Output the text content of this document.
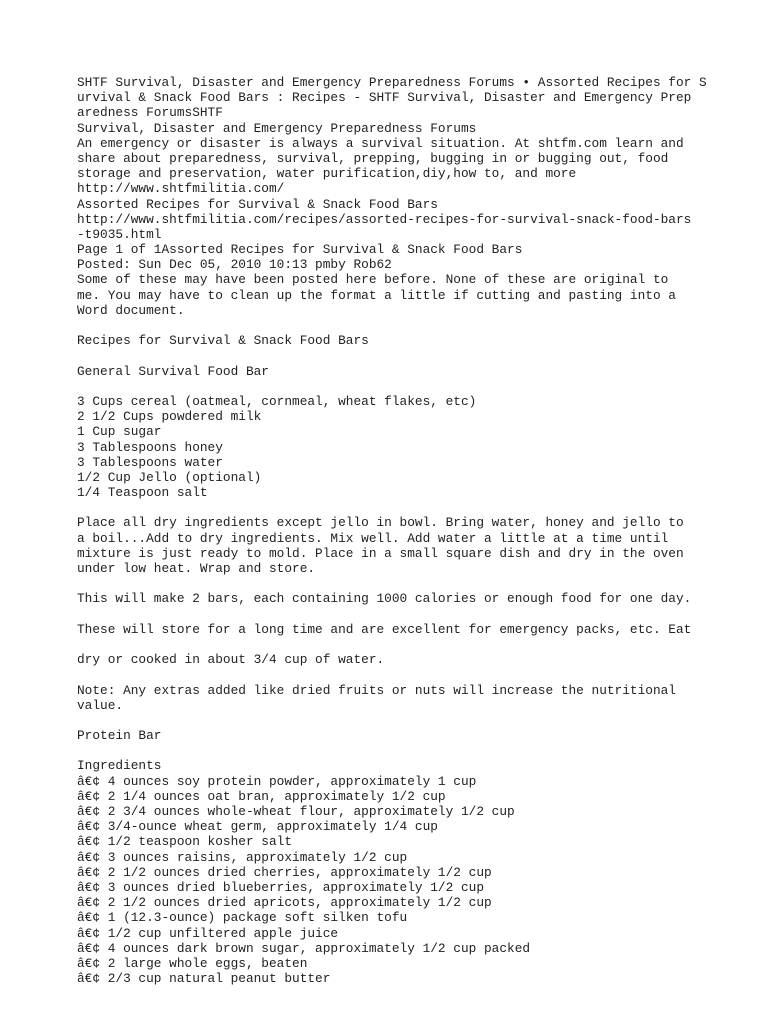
SHTF Survival, Disaster and Emergency Preparedness Forums • Assorted Recipes for S
urvival & Snack Food Bars : Recipes - SHTF Survival, Disaster and Emergency Prep
aredness ForumsSHTF
Survival, Disaster and Emergency Preparedness Forums
An emergency or disaster is always a survival situation. At shtfm.com learn and
share about preparedness, survival, prepping, bugging in or bugging out, food
storage and preservation, water purification,diy,how to, and more
http://www.shtfmilitia.com/
Assorted Recipes for Survival & Snack Food Bars
http://www.shtfmilitia.com/recipes/assorted-recipes-for-survival-snack-food-bars
-t9035.html
Page 1 of 1Assorted Recipes for Survival & Snack Food Bars
Posted: Sun Dec 05, 2010 10:13 pmby Rob62
Some of these may have been posted here before. None of these are original to
me. You may have to clean up the format a little if cutting and pasting into a
Word document.
Recipes for Survival & Snack Food Bars
General Survival Food Bar
3 Cups cereal (oatmeal, cornmeal, wheat flakes, etc)
2 1/2 Cups powdered milk
1 Cup sugar
3 Tablespoons honey
3 Tablespoons water
1/2 Cup Jello (optional)
1/4 Teaspoon salt
Place all dry ingredients except jello in bowl. Bring water, honey and jello to
a boil...Add to dry ingredients. Mix well. Add water a little at a time until
mixture is just ready to mold. Place in a small square dish and dry in the oven
under low heat. Wrap and store.
This will make 2 bars, each containing 1000 calories or enough food for one day.
These will store for a long time and are excellent for emergency packs, etc. Eat
dry or cooked in about 3/4 cup of water.
Note: Any extras added like dried fruits or nuts will increase the nutritional
value.
Protein Bar
Ingredients
â€¢ 4 ounces soy protein powder, approximately 1 cup
â€¢ 2 1/4 ounces oat bran, approximately 1/2 cup
â€¢ 2 3/4 ounces whole-wheat flour, approximately 1/2 cup
â€¢ 3/4-ounce wheat germ, approximately 1/4 cup
â€¢ 1/2 teaspoon kosher salt
â€¢ 3 ounces raisins, approximately 1/2 cup
â€¢ 2 1/2 ounces dried cherries, approximately 1/2 cup
â€¢ 3 ounces dried blueberries, approximately 1/2 cup
â€¢ 2 1/2 ounces dried apricots, approximately 1/2 cup
â€¢ 1 (12.3-ounce) package soft silken tofu
â€¢ 1/2 cup unfiltered apple juice
â€¢ 4 ounces dark brown sugar, approximately 1/2 cup packed
â€¢ 2 large whole eggs, beaten
â€¢ 2/3 cup natural peanut butter
